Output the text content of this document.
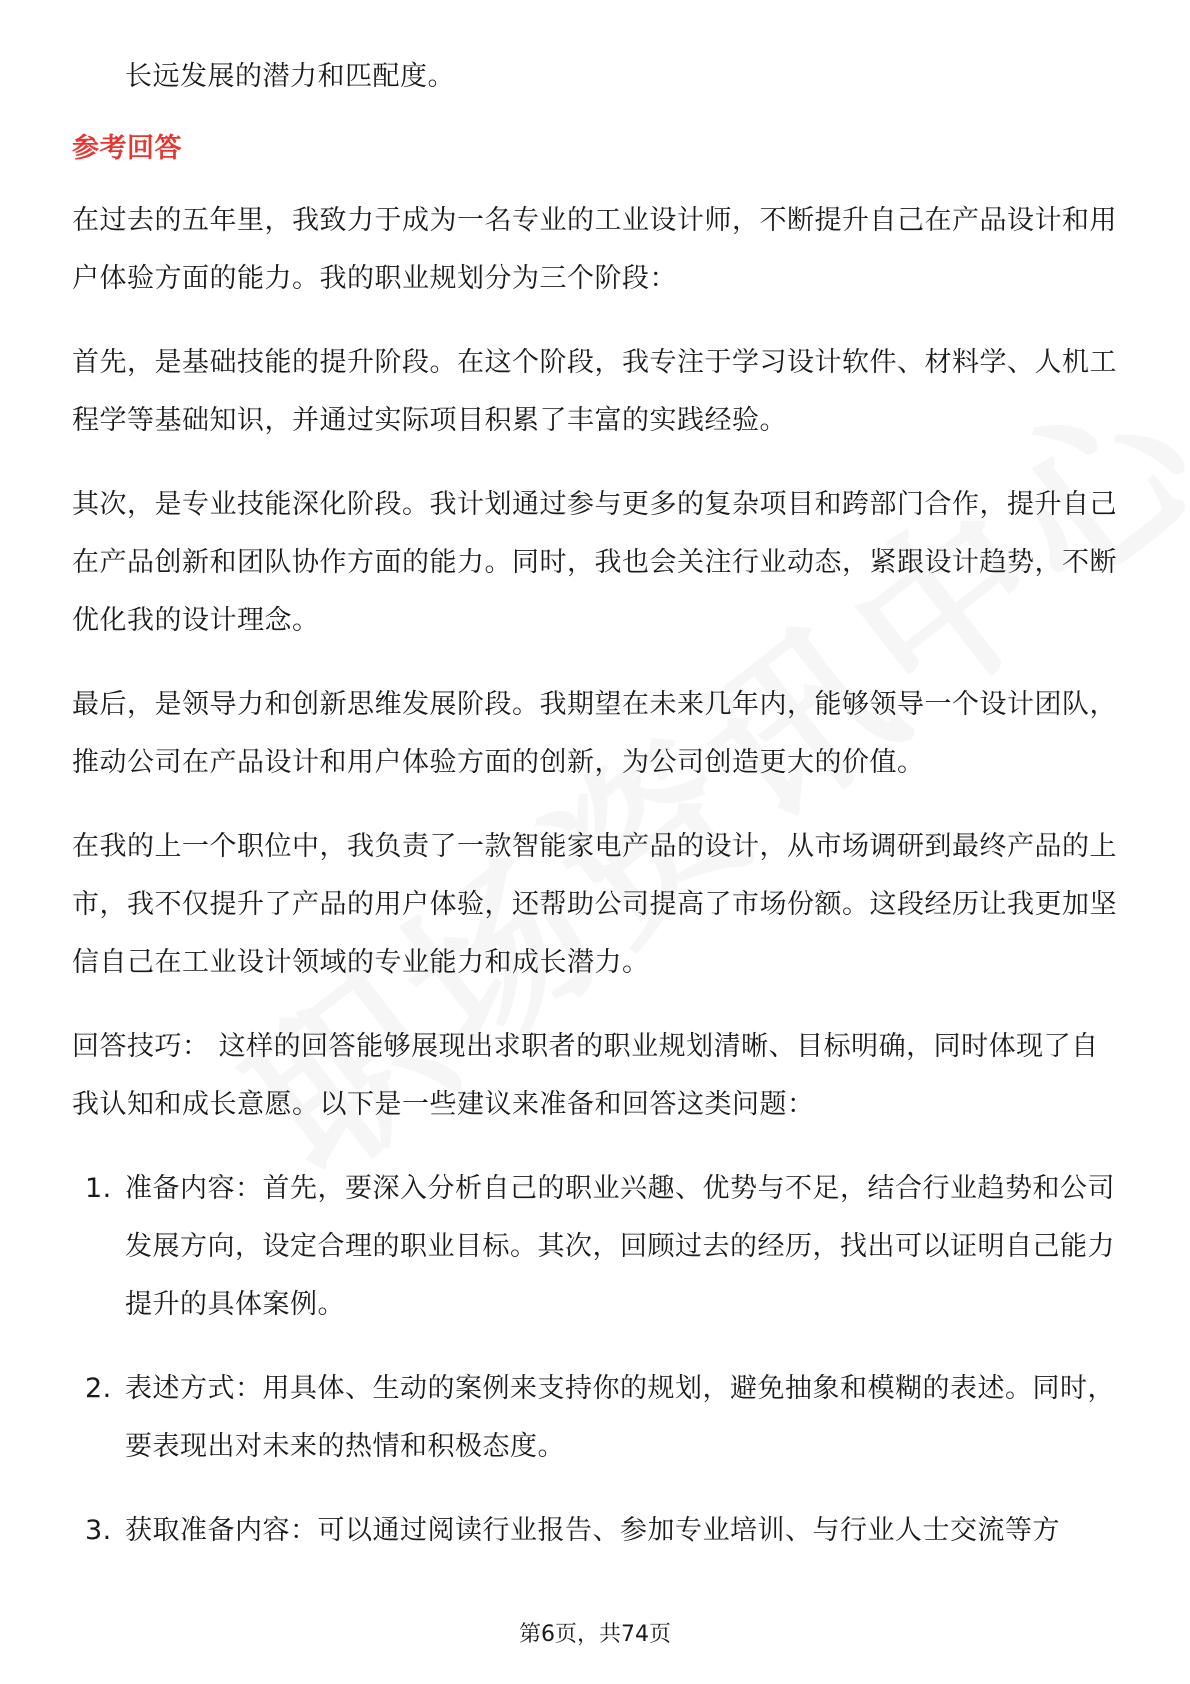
长远发展的潜力和匹配度。

参考回答

在过去的五年里，我致力于成为一名专业的工业设计师，不断提升自己在产品设计和用户体验方面的能力。我的职业规划分为三个阶段：

首先，是基础技能的提升阶段。在这个阶段，我专注于学习设计软件、材料学、人机工程学等基础知识，并通过实际项目积累了丰富的实践经验。

其次，是专业技能深化阶段。我计划通过参与更多的复杂项目和跨部门合作，提升自己在产品创新和团队协作方面的能力。同时，我也会关注行业动态，紧跟设计趋势，不断优化我的设计理念。

最后，是领导力和创新思维发展阶段。我期望在未来几年内，能够领导一个设计团队，推动公司在产品设计和用户体验方面的创新，为公司创造更大的价值。

在我的上一个职位中，我负责了一款智能家电产品的设计，从市场调研到最终产品的上市，我不仅提升了产品的用户体验，还帮助公司提高了市场份额。这段经历让我更加坚信自己在工业设计领域的专业能力和成长潜力。

回答技巧： 这样的回答能够展现出求职者的职业规划清晰、目标明确，同时体现了自我认知和成长意愿。以下是一些建议来准备和回答这类问题：

1. 准备内容：首先，要深入分析自己的职业兴趣、优势与不足，结合行业趋势和公司发展方向，设定合理的职业目标。其次，回顾过去的经历，找出可以证明自己能力提升的具体案例。
2. 表述方式：用具体、生动的案例来支持你的规划，避免抽象和模糊的表述。同时，要表现出对未来的热情和积极态度。
3. 获取准备内容：可以通过阅读行业报告、参加专业培训、与行业人士交流等方
第6页，共74页
